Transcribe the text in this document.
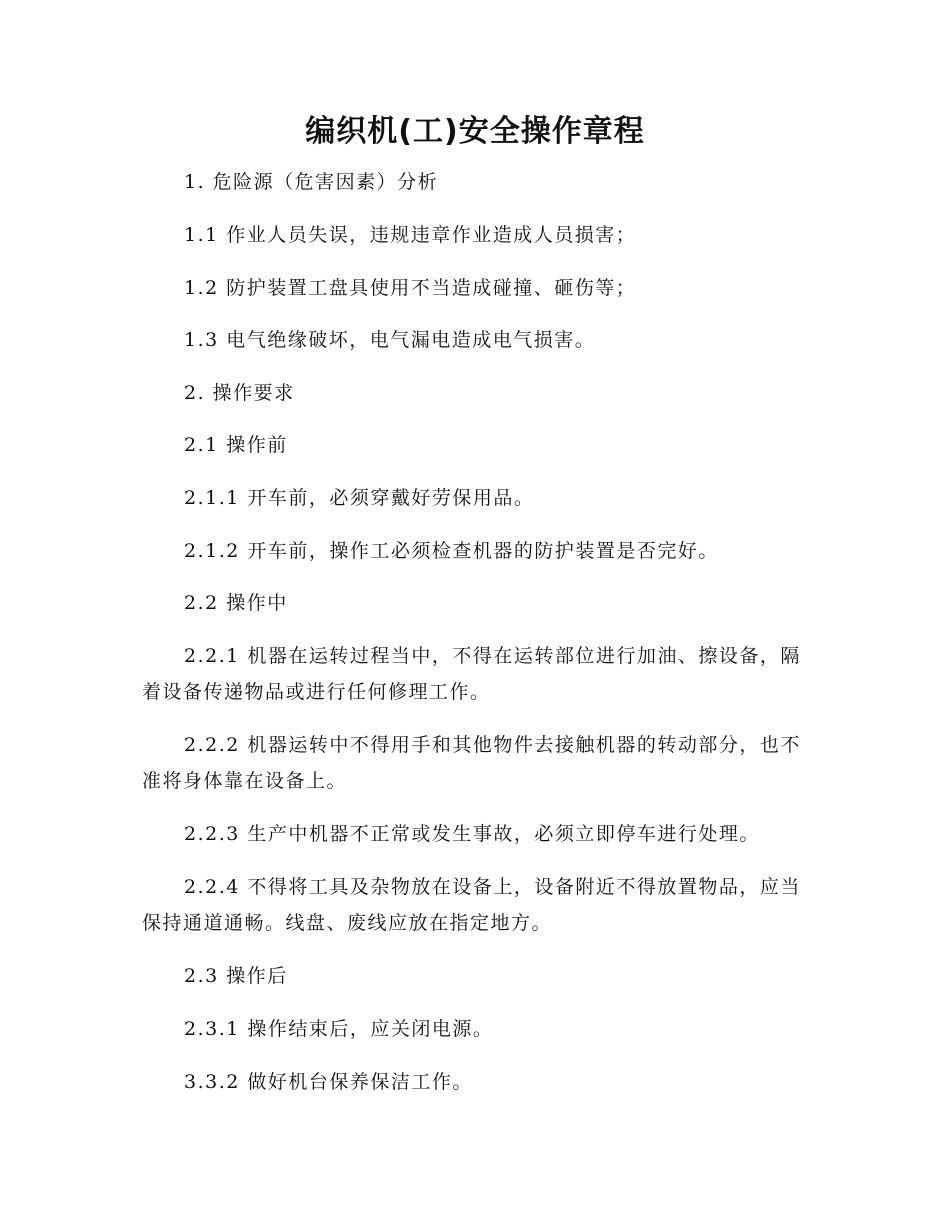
编织机(工)安全操作章程

1. 危险源（危害因素）分析

1.1 作业人员失误，违规违章作业造成人员损害；

1.2 防护装置工盘具使用不当造成碰撞、砸伤等；

1.3 电气绝缘破坏，电气漏电造成电气损害。

2. 操作要求

2.1 操作前

2.1.1 开车前，必须穿戴好劳保用品。

2.1.2 开车前，操作工必须检查机器的防护装置是否完好。

2.2 操作中

2.2.1 机器在运转过程当中，不得在运转部位进行加油、擦设备，隔着设备传递物品或进行任何修理工作。

2.2.2 机器运转中不得用手和其他物件去接触机器的转动部分，也不准将身体靠在设备上。

2.2.3 生产中机器不正常或发生事故，必须立即停车进行处理。

2.2.4 不得将工具及杂物放在设备上，设备附近不得放置物品，应当保持通道通畅。线盘、废线应放在指定地方。

2.3 操作后

2.3.1 操作结束后，应关闭电源。

3.3.2 做好机台保养保洁工作。
